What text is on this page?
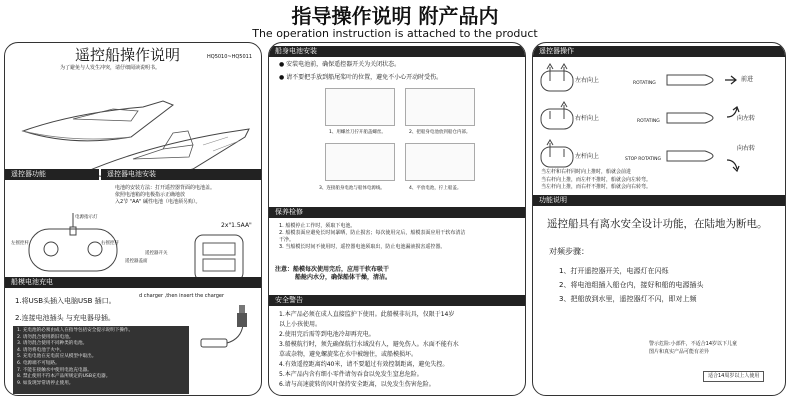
指导操作说明 附产品内
The operation instruction is attached to the product
遥控船操作说明	HQ5010~HQ5011
为了避免与人发生冲突，请仔细阅读说明书。
遥控器功能	遥控器电池安装
电池的安装方法：打开遥控器背面的电池盖。
依照电池箱的电极指示正确地放
入2节 "AA" 碱性电池（电池须另购）。
电源指示灯
左摇控杆	右摇控杆
2x"1.5AA"
遥控器开关
遥控器盖面
船模电池充电
1.将USB头插入电脑USB 插口。
d charger ,then insert the charger
2.连接电池插头 与充电器母插。
1. 充电池的必须由成人在指导包括安全提示说明下操作。
2. 请勿混合使用新旧电池。
3. 请勿混合使用不同种类的电池。
4. 请勿将电池于火中。
5. 充电电池在充电前应从模型中取出。
6. 电源端不可短路。
7. 不能在接触水中使用电池充电器。
8. 禁止使用不符本产品所规定的USB充电器。
9. 如发现异常请停止使用。
船身电池安装
● 安装电池前，确保遥控器开关为关闭状态。
● 请不要把手放到船尾桨叶的位置，避免不小心开动时受伤。
1、用螺丝刀拧开船盖螺丝。	2、把船身电池放到船仓内部。
3、连接船身电池与船体电源线。	4、平放电池，拧上船盖。
保养检修
1. 船模停止工作时，须取下电池。
2. 船模表面应避免长时间暴晒，防止损害；每次使用完后，船模表面应用干软布清洁
干净。
3. 当船模长时间不使用时，遥控器电池须取出，防止电池漏液损害遥控器。
注意：船模每次使用完后，应用干软布吸干
船舱内水分，确保船体干燥，清洁。
安全警告
1.本产品必须在成人直接监护下使用。此船模非玩具，仅限于14岁
以上小孩使用。
2.使用完后需等到电池冷却再充电。
3.船模航行时，须先确保航行水域没有人，避免伤人。水面不能有水
草或杂物，避免螺旋桨在水中被缠住，或船模损坏。
4.有效遥控距离约40米，请不要超过有效控制距离，避免失控。
5.本产品内含有细小零件请勿吞食以免发生窒息危险。
6.请与高速旋转的风叶保持安全距离，以免发生伤害危险。
遥控器操作
左右向上	ROTATING
前进
右杆向上	ROTATING	向左转
左杆向上	STOP ROTATING
向右转
当左杆和右杆同时向上推时，船就会前进
当右杆向上推，而左杆不推时，船就会向左转弯。
当左杆向上推，而右杆不推时，船就会向右转弯。
功能说明
遥控船具有离水安全设计功能，在陆地为断电。
对频步骤：
1、打开遥控器开关，电源灯在闪烁
2、将电池组插入船仓内，接好和船的电源插头
3、把船放到水里，遥控器灯不闪，即对上频
警示危险:小部件，不适合14岁以下儿童
图片和真实产品可能有差异
适合14周岁以上人使用
